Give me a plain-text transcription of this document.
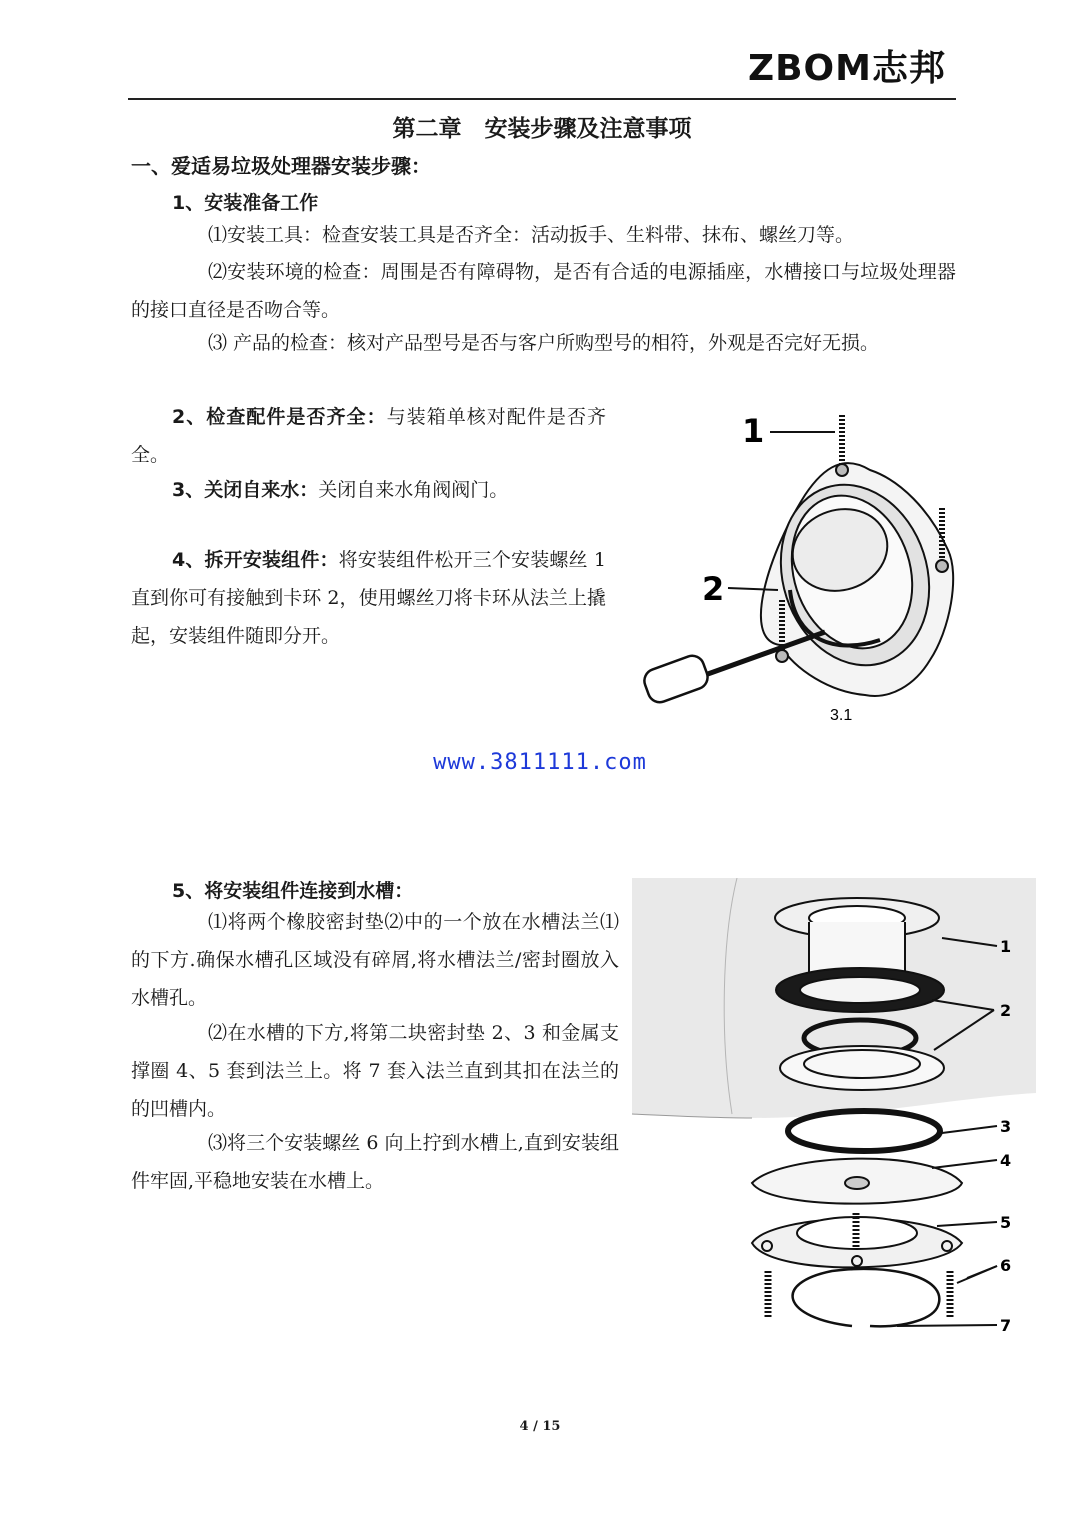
ZBOM志邦
第二章　安装步骤及注意事项
一、爱适易垃圾处理器安装步骤：
1、安装准备工作

⑴安装工具：检查安装工具是否齐全：活动扳手、生料带、抹布、螺丝刀等。

⑵安装环境的检查：周围是否有障碍物，是否有合适的电源插座，水槽接口与垃圾处理器的接口直径是否吻合等。

⑶ 产品的检查：核对产品型号是否与客户所购型号的相符，外观是否完好无损。

2、检查配件是否齐全：与装箱单核对配件是否齐全。

3、关闭自来水：关闭自来水角阀阀门。

4、拆开安装组件：将安装组件松开三个安装螺丝 1 直到你可有接触到卡环 2，使用螺丝刀将卡环从法兰上撬起，安装组件随即分开。

1
2
3.1
www.3811111.com
5、将安装组件连接到水槽：

⑴将两个橡胶密封垫⑵中的一个放在水槽法兰⑴的下方.确保水槽孔区域没有碎屑,将水槽法兰/密封圈放入水槽孔。

⑵在水槽的下方,将第二块密封垫 2、3 和金属支撑圈 4、5 套到法兰上。将 7 套入法兰直到其扣在法兰的的凹槽内。

⑶将三个安装螺丝 6 向上拧到水槽上,直到安装组件牢固,平稳地安装在水槽上。

1
2
3
4
5
6
7
4 / 15
